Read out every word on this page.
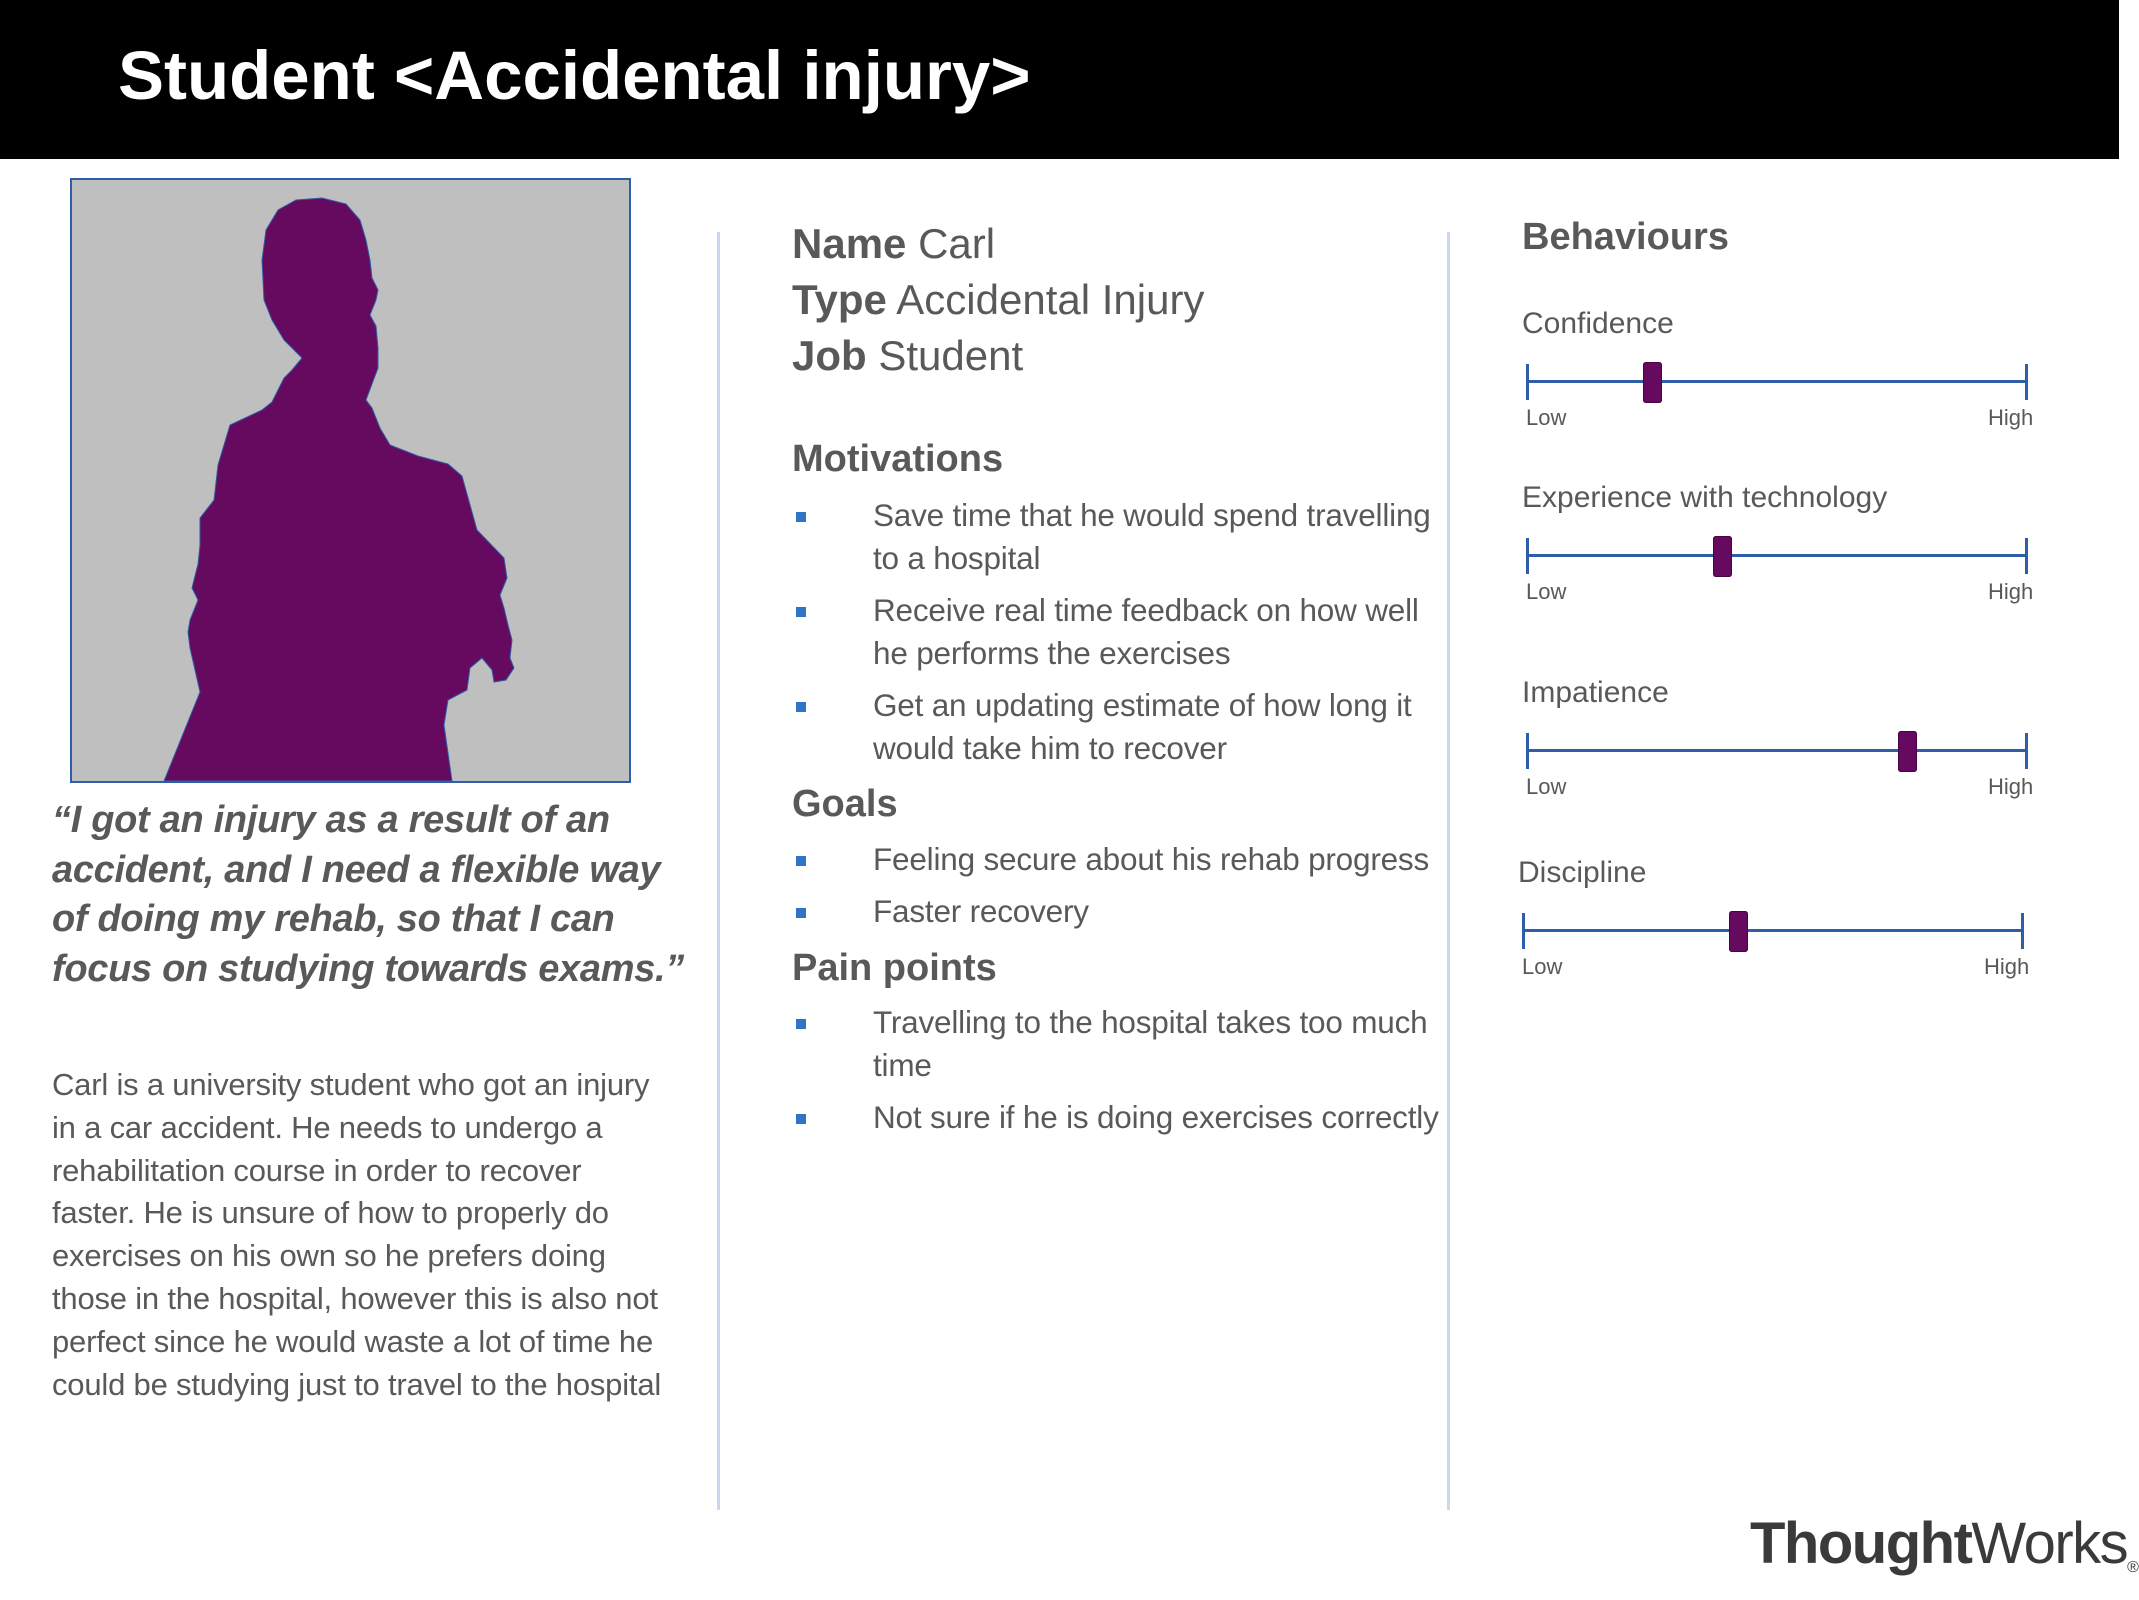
Student <Accidental injury>
“I got an injury as a result of an accident, and I need a flexible way of doing my rehab, so that I can focus on studying towards exams.”
Carl is a university student who got an injury in a car accident. He needs to undergo a rehabilitation course in order to recover faster. He is unsure of how to properly do exercises on his own so he prefers doing those in the hospital, however this is also not perfect since he would waste a lot of time he could be studying just to travel to the hospital
Name Carl
Type Accidental Injury
Job Student
Motivations
Save time that he would spend travelling to a hospital
Receive real time feedback on how well he performs the exercises
Get an updating estimate of how long it would take him to recover
Goals
Feeling secure about his rehab progress
Faster recovery
Pain points
Travelling to the hospital takes too much time
Not sure if he is doing exercises correctly
Behaviours
Confidence
Low	High
Experience with technology
Low	High
Impatience
Low	High
Discipline
Low	High
ThoughtWorks®
